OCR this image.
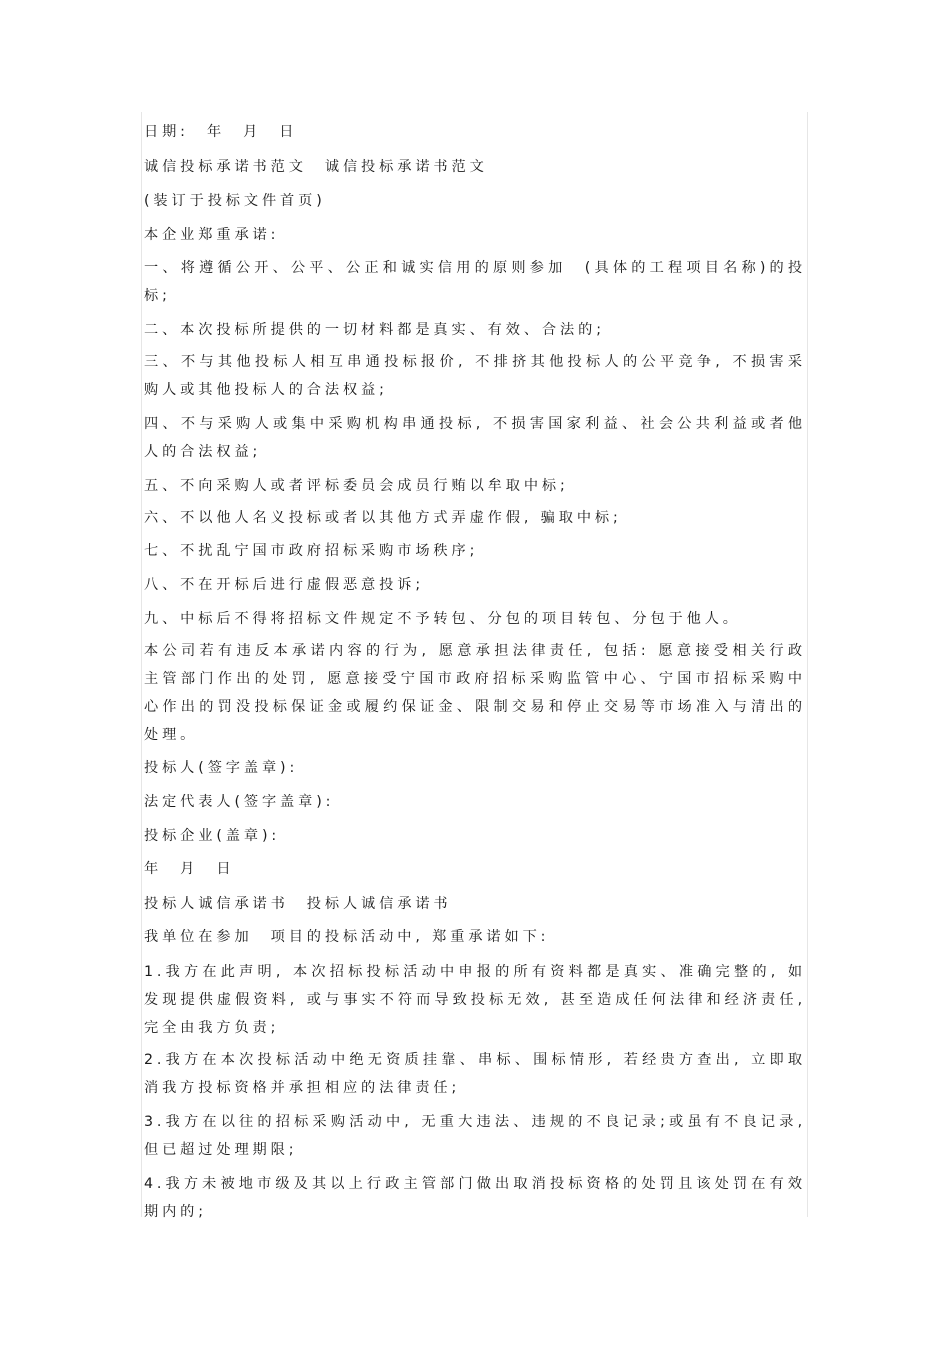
日期:　年　月　日

诚信投标承诺书范文　诚信投标承诺书范文

(装订于投标文件首页)

本企业郑重承诺:

一、将遵循公开、公平、公正和诚实信用的原则参加　(具体的工程项目名称)的投标;

二、本次投标所提供的一切材料都是真实、有效、合法的;

三、不与其他投标人相互串通投标报价, 不排挤其他投标人的公平竞争, 不损害采购人或其他投标人的合法权益;

四、不与采购人或集中采购机构串通投标, 不损害国家利益、社会公共利益或者他人的合法权益;

五、不向采购人或者评标委员会成员行贿以牟取中标;

六、不以他人名义投标或者以其他方式弄虚作假, 骗取中标;

七、不扰乱宁国市政府招标采购市场秩序;

八、不在开标后进行虚假恶意投诉;

九、中标后不得将招标文件规定不予转包、分包的项目转包、分包于他人。

本公司若有违反本承诺内容的行为, 愿意承担法律责任, 包括: 愿意接受相关行政主管部门作出的处罚, 愿意接受宁国市政府招标采购监管中心、宁国市招标采购中心作出的罚没投标保证金或履约保证金、限制交易和停止交易等市场准入与清出的处理。

投标人(签字盖章):

法定代表人(签字盖章):

投标企业(盖章):

年　月　日

投标人诚信承诺书　投标人诚信承诺书

我单位在参加　项目的投标活动中, 郑重承诺如下:

1.我方在此声明, 本次招标投标活动中申报的所有资料都是真实、准确完整的, 如发现提供虚假资料, 或与事实不符而导致投标无效, 甚至造成任何法律和经济责任, 完全由我方负责;

2.我方在本次投标活动中绝无资质挂靠、串标、围标情形, 若经贵方查出, 立即取消我方投标资格并承担相应的法律责任;

3.我方在以往的招标采购活动中, 无重大违法、违规的不良记录;或虽有不良记录, 但已超过处理期限;

4.我方未被地市级及其以上行政主管部门做出取消投标资格的处罚且该处罚在有效期内的;
